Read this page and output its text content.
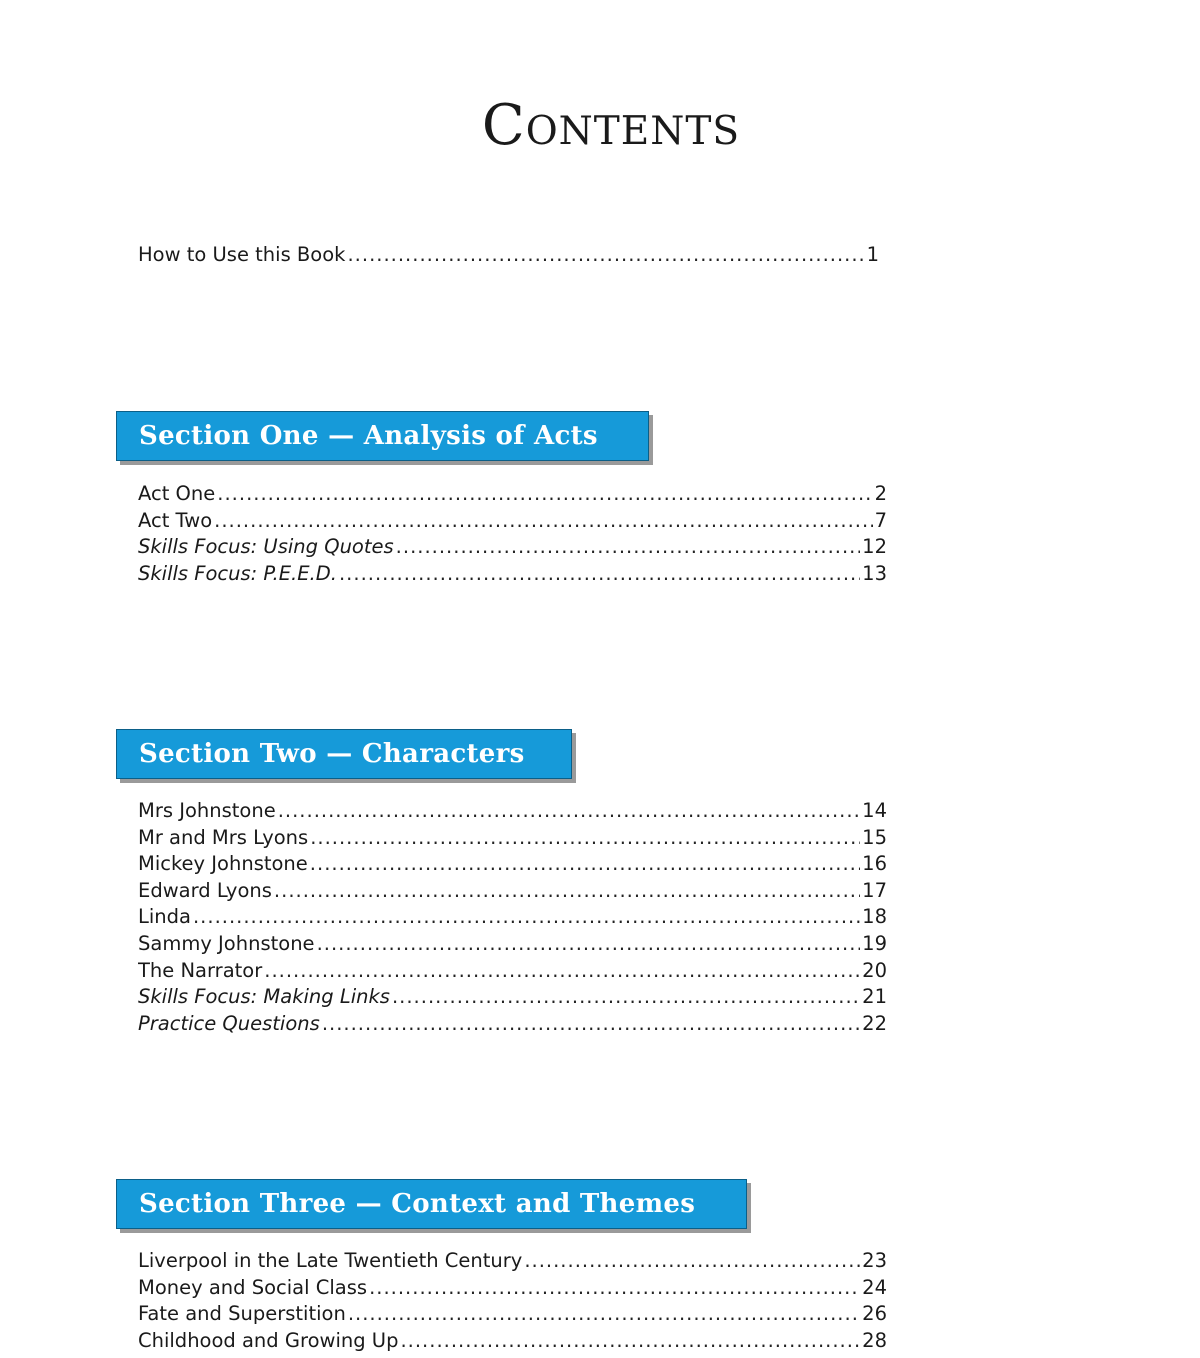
Contents
How to Use this Book .....	1
Section One — Analysis of Acts
Act One .....	2
Act Two .....	7
Skills Focus: Using Quotes .....	12
Skills Focus: P.E.E.D. .....	13
Section Two — Characters
Mrs Johnstone .....	14
Mr and Mrs Lyons .....	15
Mickey Johnstone .....	16
Edward Lyons .....	17
Linda .....	18
Sammy Johnstone .....	19
The Narrator .....	20
Skills Focus: Making Links .....	21
Practice Questions .....	22
Section Three — Context and Themes
Liverpool in the Late Twentieth Century .....	23
Money and Social Class .....	24
Fate and Superstition .....	26
Childhood and Growing Up .....	28
